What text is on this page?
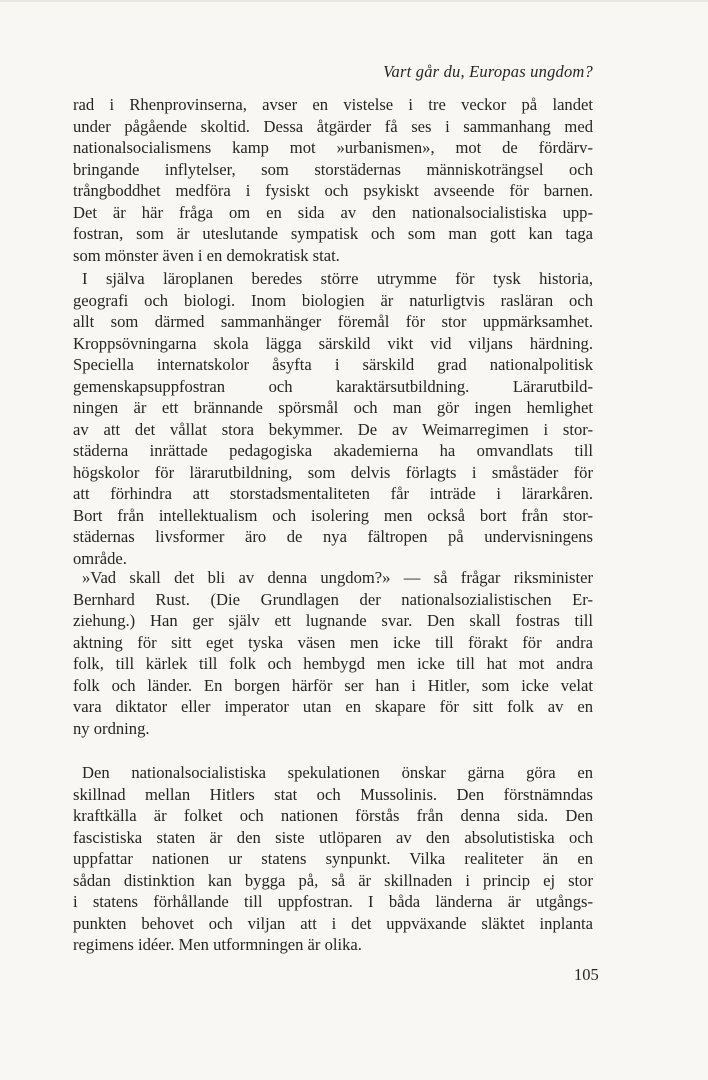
Vart går du, Europas ungdom?
rad i Rhenprovinserna, avser en vistelse i tre veckor på landet
under pågående skoltid. Dessa åtgärder få ses i sammanhang med
nationalsocialismens kamp mot »urbanismen», mot de fördärv-
bringande inflytelser, som storstädernas människoträngsel och
trångboddhet medföra i fysiskt och psykiskt avseende för barnen.
Det är här fråga om en sida av den nationalsocialistiska upp-
fostran, som är uteslutande sympatisk och som man gott kan taga
som mönster även i en demokratisk stat.
I själva läroplanen beredes större utrymme för tysk historia,
geografi och biologi. Inom biologien är naturligtvis rasläran och
allt som därmed sammanhänger föremål för stor uppmärksamhet.
Kroppsövningarna skola lägga särskild vikt vid viljans härdning.
Speciella internatskolor åsyfta i särskild grad nationalpolitisk
gemenskapsuppfostran och karaktärsutbildning. Lärarutbild-
ningen är ett brännande spörsmål och man gör ingen hemlighet
av att det vållat stora bekymmer. De av Weimarregimen i stor-
städerna inrättade pedagogiska akademierna ha omvandlats till
högskolor för lärarutbildning, som delvis förlagts i småstäder för
att förhindra att storstadsmentaliteten får inträde i lärarkåren.
Bort från intellektualism och isolering men också bort från stor-
städernas livsformer äro de nya fältropen på undervisningens
område.
»Vad skall det bli av denna ungdom?» — så frågar riksminister
Bernhard Rust. (Die Grundlagen der nationalsozialistischen Er-
ziehung.) Han ger själv ett lugnande svar. Den skall fostras till
aktning för sitt eget tyska väsen men icke till förakt för andra
folk, till kärlek till folk och hembygd men icke till hat mot andra
folk och länder. En borgen härför ser han i Hitler, som icke velat
vara diktator eller imperator utan en skapare för sitt folk av en
ny ordning.
Den nationalsocialistiska spekulationen önskar gärna göra en
skillnad mellan Hitlers stat och Mussolinis. Den förstnämndas
kraftkälla är folket och nationen förstås från denna sida. Den
fascistiska staten är den siste utlöparen av den absolutistiska och
uppfattar nationen ur statens synpunkt. Vilka realiteter än en
sådan distinktion kan bygga på, så är skillnaden i princip ej stor
i statens förhållande till uppfostran. I båda länderna är utgångs-
punkten behovet och viljan att i det uppväxande släktet inplanta
regimens idéer. Men utformningen är olika.
105
